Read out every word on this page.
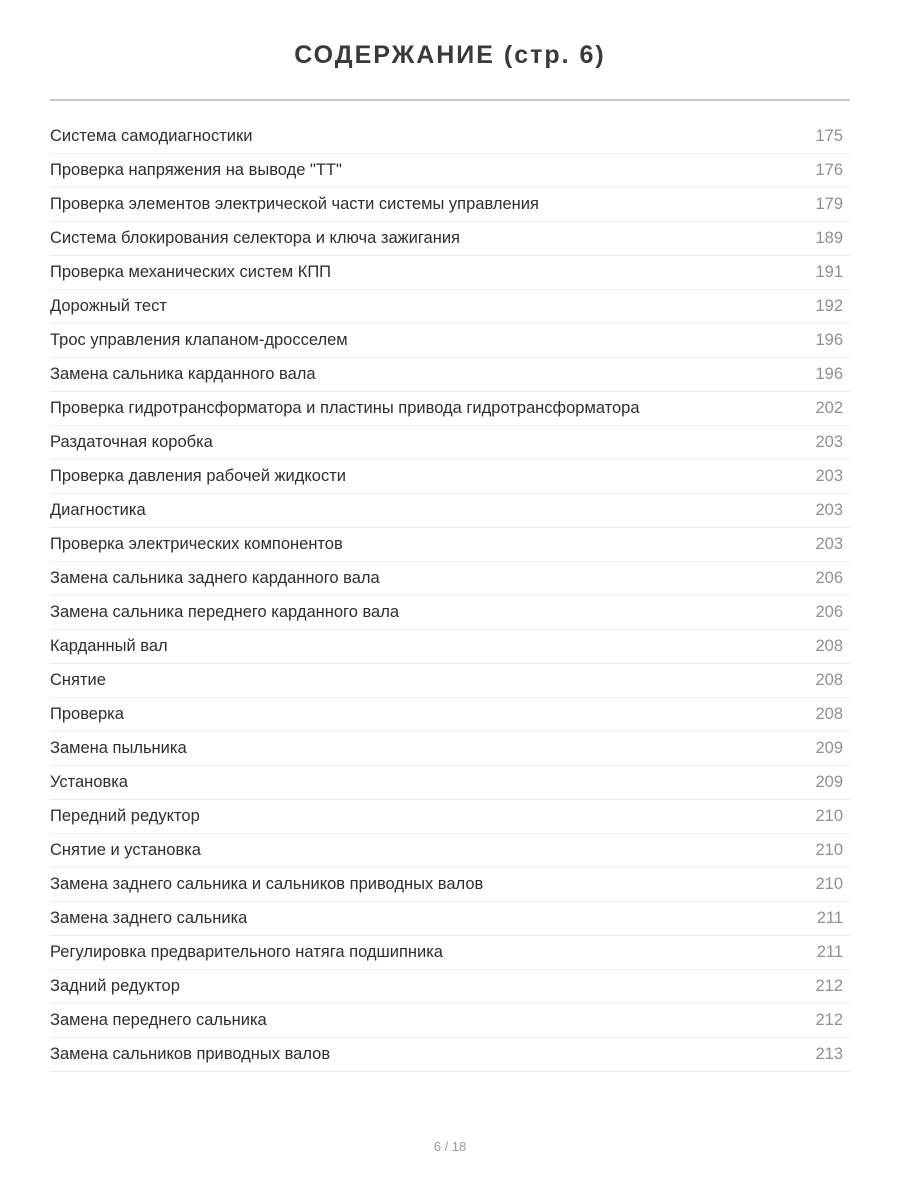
СОДЕРЖАНИЕ (стр. 6)
Система самодиагностики	175
Проверка напряжения на выводе "ТТ"	176
Проверка элементов электрической части системы управления	179
Система блокирования селектора и ключа зажигания	189
Проверка механических систем КПП	191
Дорожный тест	192
Трос управления клапаном-дросселем	196
Замена сальника карданного вала	196
Проверка гидротрансформатора и пластины привода гидротрансформатора	202
Раздаточная коробка	203
Проверка давления рабочей жидкости	203
Диагностика	203
Проверка электрических компонентов	203
Замена сальника заднего карданного вала	206
Замена сальника переднего карданного вала	206
Карданный вал	208
Снятие	208
Проверка	208
Замена пыльника	209
Установка	209
Передний редуктор	210
Снятие и установка	210
Замена заднего сальника и сальников приводных валов	210
Замена заднего сальника	211
Регулировка предварительного натяга подшипника	211
Задний редуктор	212
Замена переднего сальника	212
Замена сальников приводных валов	213
6 / 18
